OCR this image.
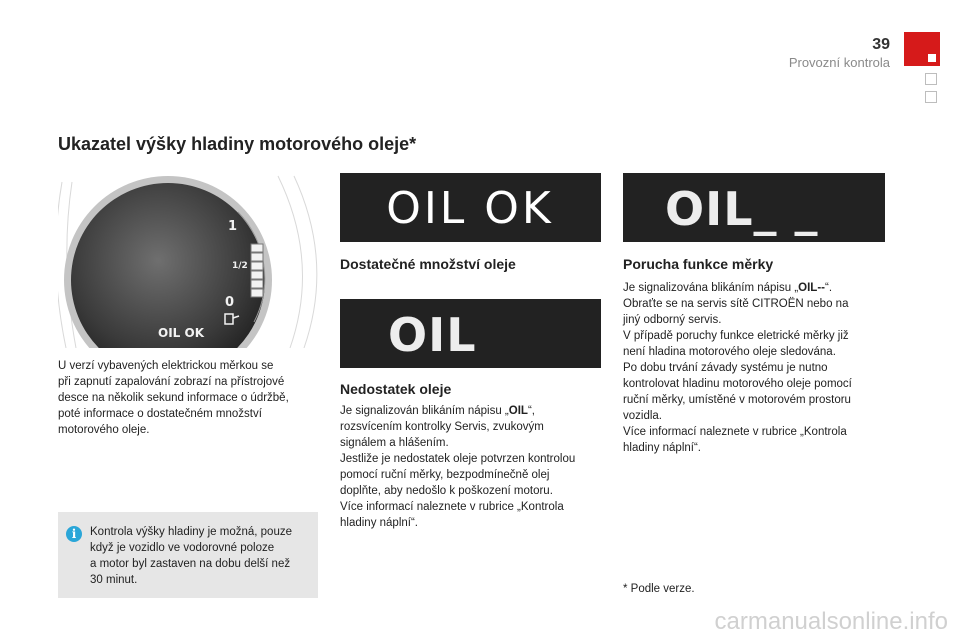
39
Provozní kontrola
Ukazatel výšky hladiny motorového oleje*
1
1/2
0
OIL OK
U verzí vybavených elektrickou měrkou se
při zapnutí zapalování zobrazí na přístrojové
desce na několik sekund informace o údržbě,
poté informace o dostatečném množství
motorového oleje.
i	Kontrola výšky hladiny je možná, pouze
když je vozidlo ve vodorovné poloze
a motor byl zastaven na dobu delší než
30 minut.
OIL OK
Dostatečné množství oleje
OIL
Nedostatek oleje
Je signalizován blikáním nápisu „OIL“,
rozsvícením kontrolky Servis, zvukovým
signálem a hlášením.
Jestliže je nedostatek oleje potvrzen kontrolou
pomocí ruční měrky, bezpodmínečně olej
doplňte, aby nedošlo k poškození motoru.
Více informací naleznete v rubrice „Kontrola
hladiny náplní“.
OIL_ _
Porucha funkce měrky
Je signalizována blikáním nápisu „OIL--“.
Obraťte se na servis sítě CITROËN nebo na
jiný odborný servis.
V případě poruchy funkce eletrické měrky již
není hladina motorového oleje sledována.
Po dobu trvání závady systému je nutno
kontrolovat hladinu motorového oleje pomocí
ruční měrky, umístěné v motorovém prostoru
vozidla.
Více informací naleznete v rubrice „Kontrola
hladiny náplní“.
* Podle verze.
carmanualsonline.info
